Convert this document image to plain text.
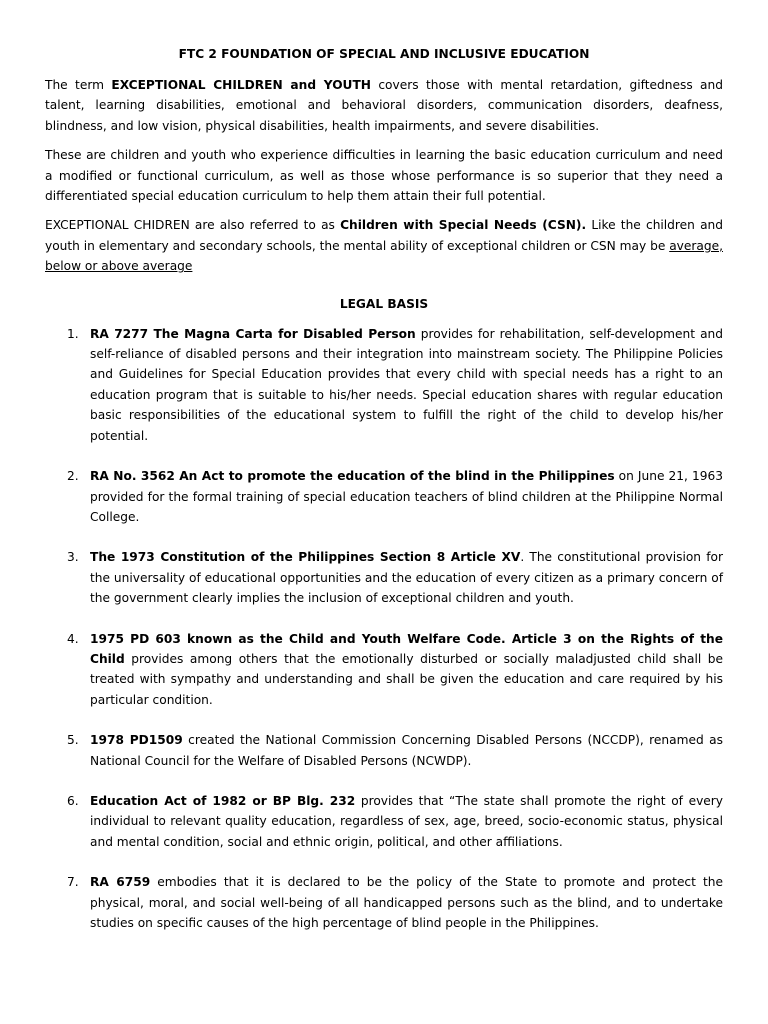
FTC 2 FOUNDATION OF SPECIAL AND INCLUSIVE EDUCATION

The term EXCEPTIONAL CHILDREN and YOUTH covers those with mental retardation, giftedness and talent, learning disabilities, emotional and behavioral disorders, communication disorders, deafness, blindness, and low vision, physical disabilities, health impairments, and severe disabilities.

These are children and youth who experience difficulties in learning the basic education curriculum and need a modified or functional curriculum, as well as those whose performance is so superior that they need a differentiated special education curriculum to help them attain their full potential.

EXCEPTIONAL CHIDREN are also referred to as Children with Special Needs (CSN). Like the children and youth in elementary and secondary schools, the mental ability of exceptional children or CSN may be average, below or above average

LEGAL BASIS
1. RA 7277 The Magna Carta for Disabled Person provides for rehabilitation, self-development and self-reliance of disabled persons and their integration into mainstream society. The Philippine Policies and Guidelines for Special Education provides that every child with special needs has a right to an education program that is suitable to his/her needs. Special education shares with regular education basic responsibilities of the educational system to fulfill the right of the child to develop his/her potential.
2. RA No. 3562 An Act to promote the education of the blind in the Philippines on June 21, 1963 provided for the formal training of special education teachers of blind children at the Philippine Normal College.
3. The 1973 Constitution of the Philippines Section 8 Article XV. The constitutional provision for the universality of educational opportunities and the education of every citizen as a primary concern of the government clearly implies the inclusion of exceptional children and youth.
4. 1975 PD 603 known as the Child and Youth Welfare Code. Article 3 on the Rights of the Child provides among others that the emotionally disturbed or socially maladjusted child shall be treated with sympathy and understanding and shall be given the education and care required by his particular condition.
5. 1978 PD1509 created the National Commission Concerning Disabled Persons (NCCDP), renamed as National Council for the Welfare of Disabled Persons (NCWDP).
6. Education Act of 1982 or BP Blg. 232 provides that “The state shall promote the right of every individual to relevant quality education, regardless of sex, age, breed, socio-economic status, physical and mental condition, social and ethnic origin, political, and other affiliations.
7. RA 6759 embodies that it is declared to be the policy of the State to promote and protect the physical, moral, and social well-being of all handicapped persons such as the blind, and to undertake studies on specific causes of the high percentage of blind people in the Philippines.
